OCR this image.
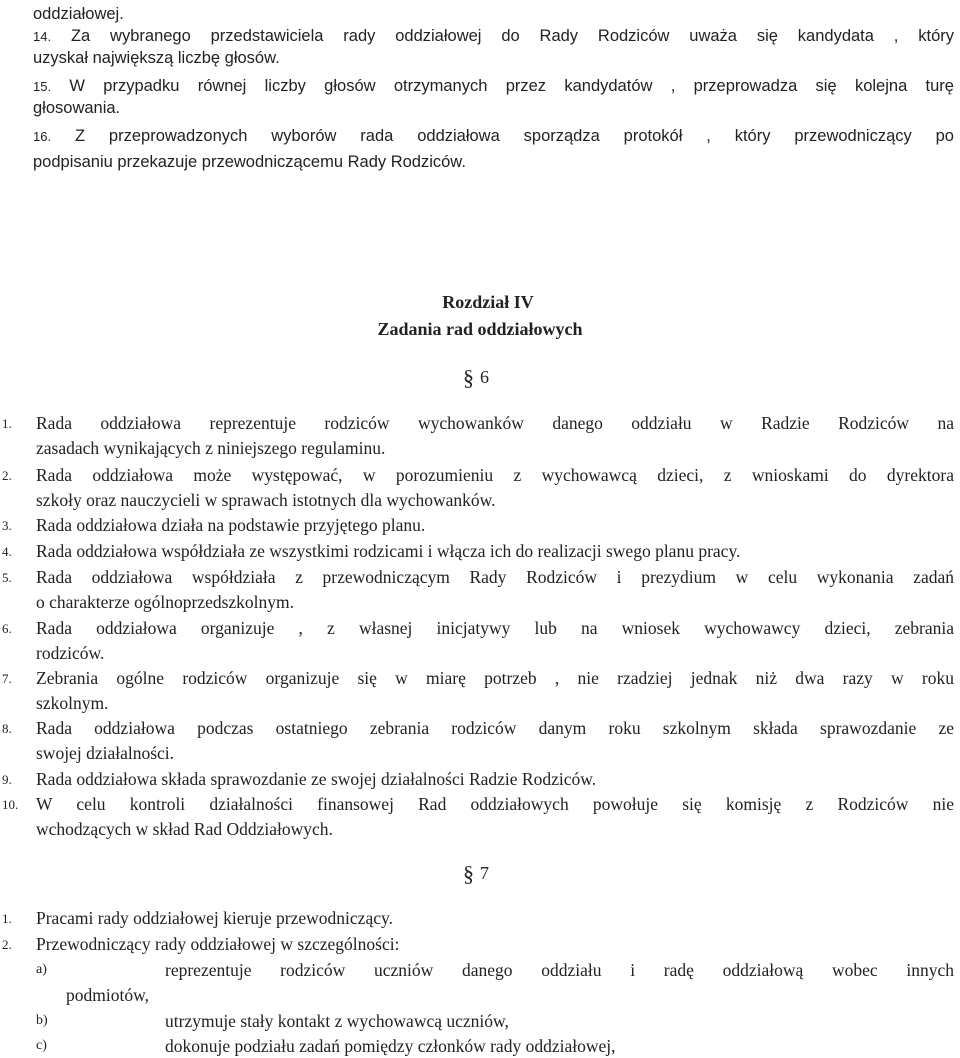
oddziałowej.
14. Za wybranego przedstawiciela rady oddziałowej do Rady Rodziców uważa się kandydata , który
uzyskał największą liczbę głosów.
15. W przypadku równej liczby głosów otrzymanych przez kandydatów , przeprowadza się kolejna turę
głosowania.
16. Z przeprowadzonych wyborów rada oddziałowa sporządza protokół , który przewodniczący po
podpisaniu przekazuje przewodniczącemu Rady Rodziców.
Rozdział IV
Zadania rad oddziałowych
§ 6
1. Rada oddziałowa reprezentuje rodziców wychowanków danego oddziału w Radzie Rodziców na
zasadach wynikających z niniejszego regulaminu.
2. Rada oddziałowa może występować, w porozumieniu z wychowawcą dzieci, z wnioskami do dyrektora
szkoły oraz nauczycieli w sprawach istotnych dla wychowanków.
3. Rada oddziałowa działa na podstawie przyjętego planu.
4. Rada oddziałowa współdziała ze wszystkimi rodzicami i włącza ich do realizacji swego planu pracy.
5. Rada oddziałowa współdziała z przewodniczącym Rady Rodziców i prezydium w celu wykonania zadań
o charakterze ogólnoprzedszkolnym.
6. Rada oddziałowa organizuje , z własnej inicjatywy lub na wniosek wychowawcy dzieci, zebrania
rodziców.
7. Zebrania ogólne rodziców organizuje się w miarę potrzeb , nie rzadziej jednak niż dwa razy w roku
szkolnym.
8. Rada oddziałowa podczas ostatniego zebrania rodziców danym roku szkolnym składa sprawozdanie ze
swojej działalności.
9. Rada oddziałowa składa sprawozdanie ze swojej działalności Radzie Rodziców.
10. W celu kontroli działalności finansowej Rad oddziałowych powołuje się komisję z Rodziców nie
wchodzących w skład Rad Oddziałowych.
§ 7
1. Pracami rady oddziałowej kieruje przewodniczący.
2. Przewodniczący rady oddziałowej w szczególności:
a)	reprezentuje rodziców uczniów danego oddziału i radę oddziałową wobec innych
podmiotów,
b)	utrzymuje stały kontakt z wychowawcą uczniów,
c)	dokonuje podziału zadań pomiędzy członków rady oddziałowej,
